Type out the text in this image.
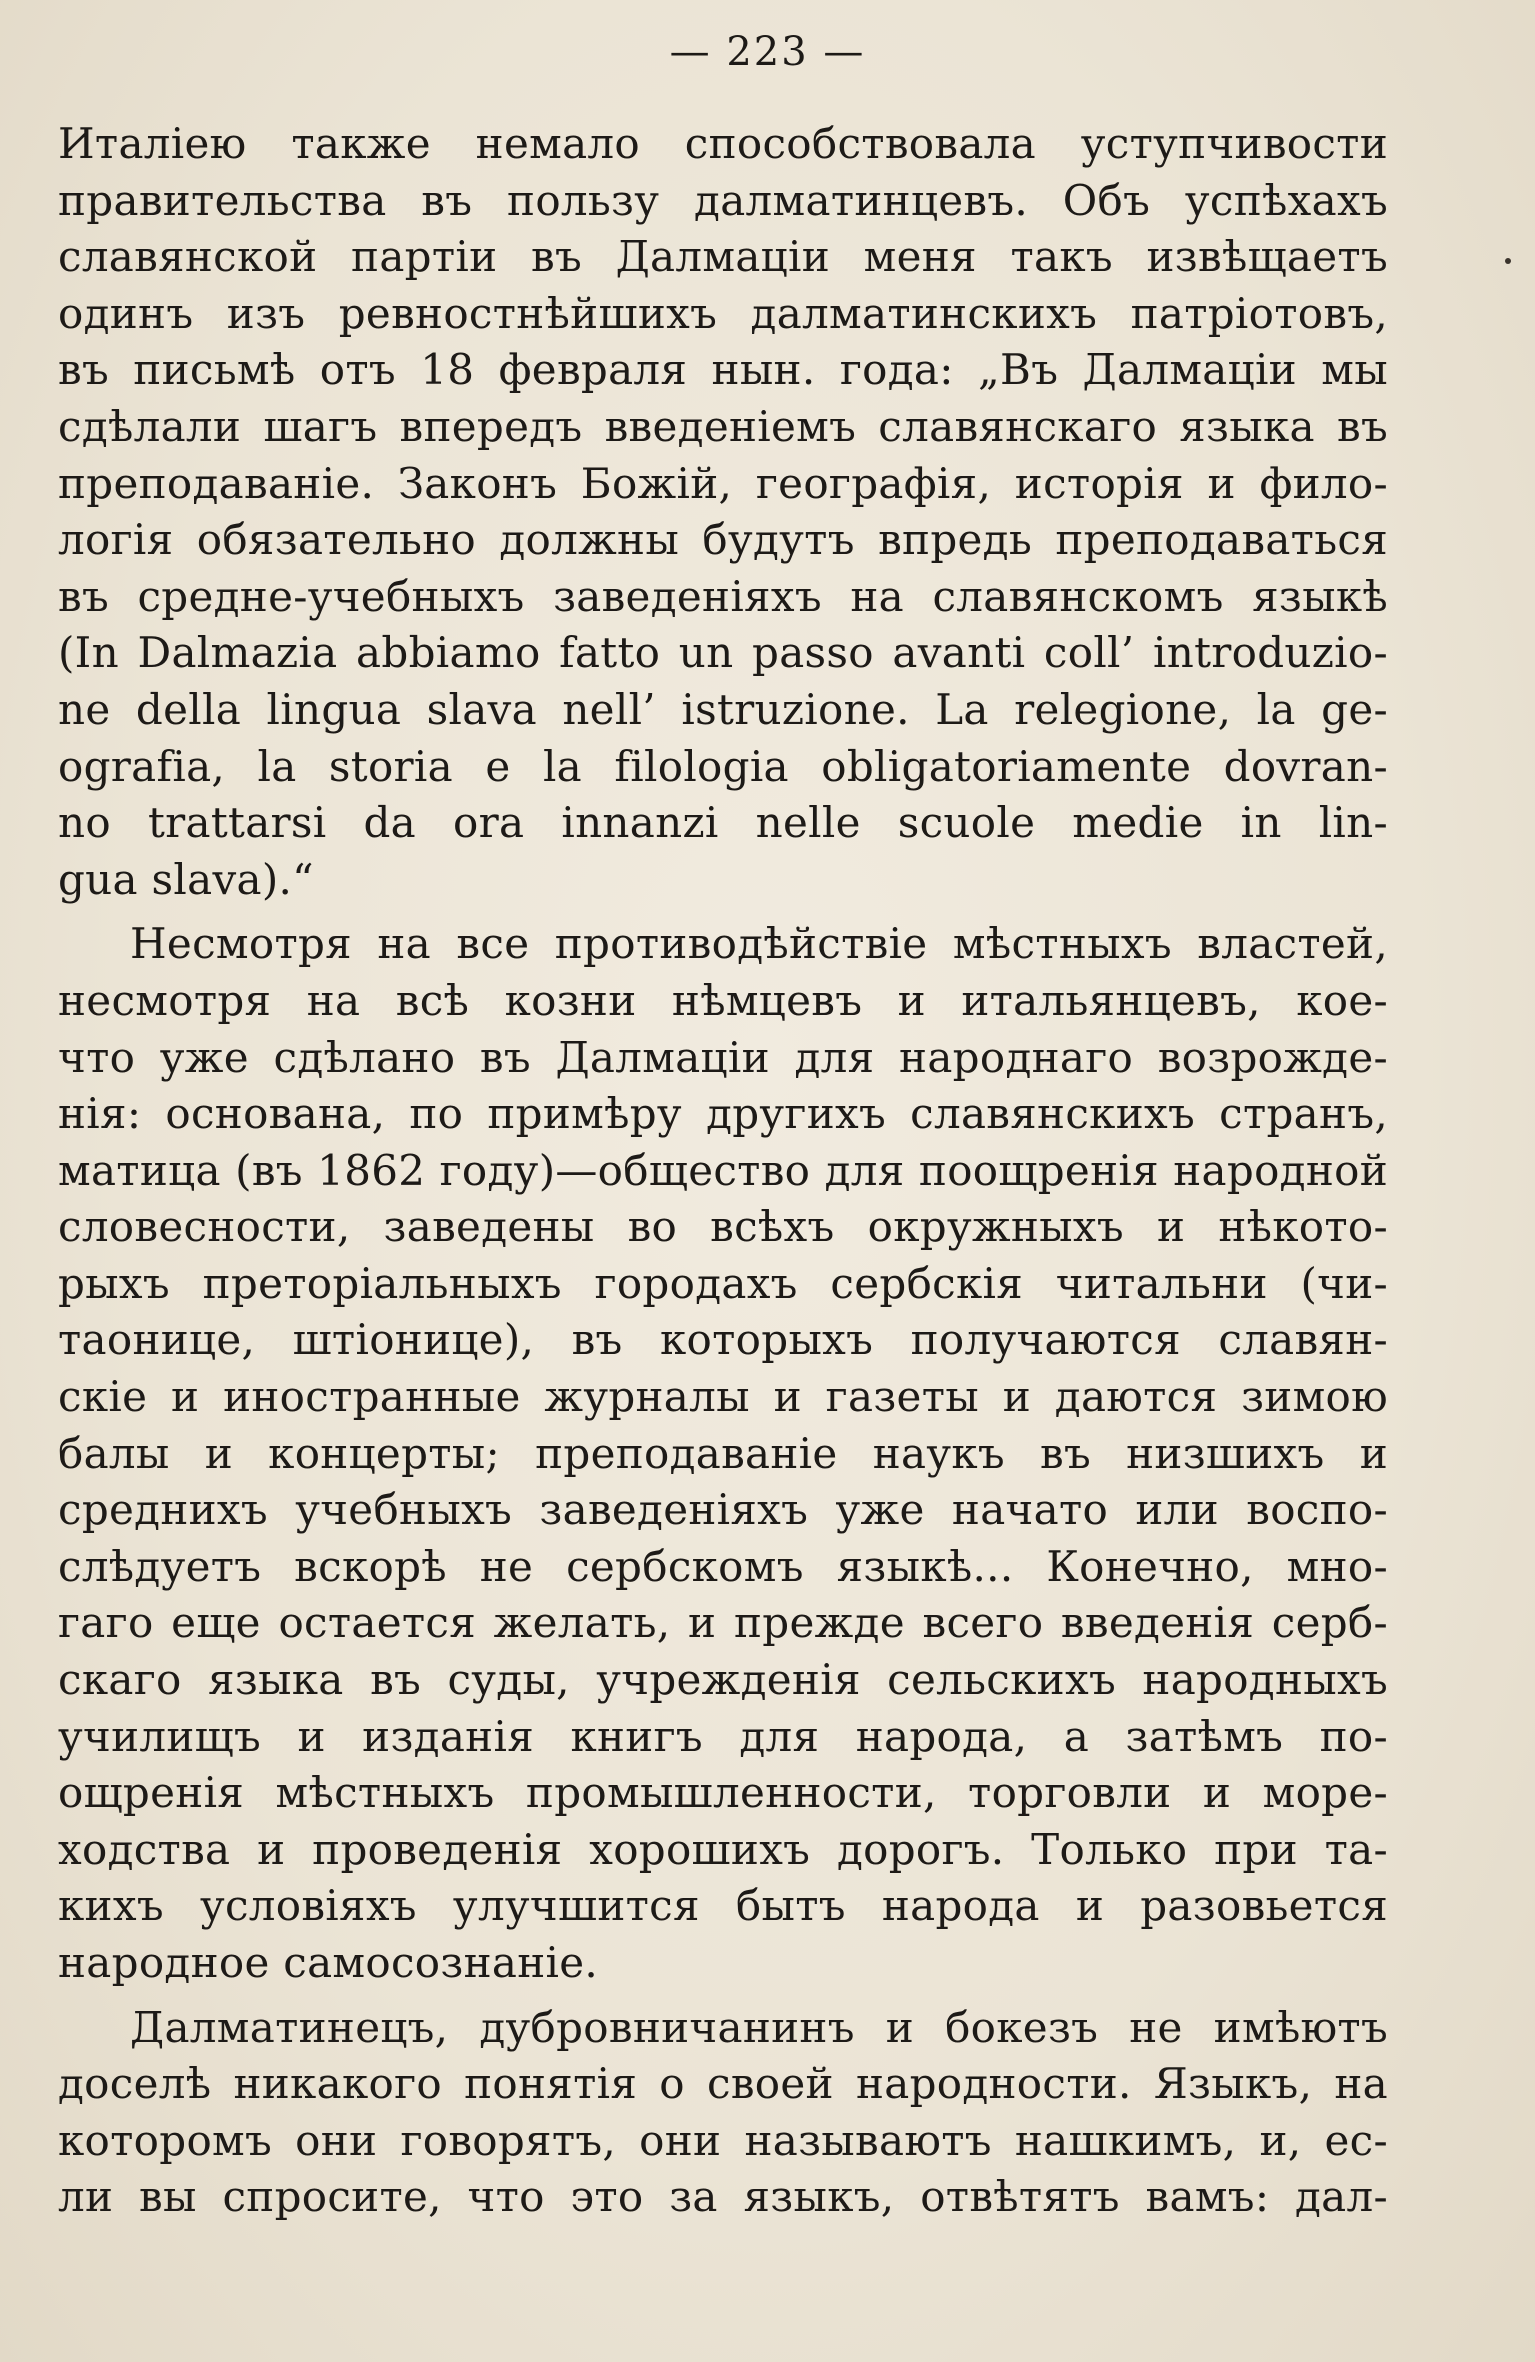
— 223 —
Италiею также немало способствовала уступчивости
правительства въ пользу далматинцевъ. Объ успѣхахъ
славянской партiи въ Далмацiи меня такъ извѣщаетъ
одинъ изъ ревностнѣйшихъ далматинскихъ патрiотовъ,
въ письмѣ отъ 18 февраля нын. года: „Въ Далмацiи мы
сдѣлали шагъ впередъ введенiемъ славянскаго языка въ
преподаванiе. Законъ Божiй, географiя, исторiя и фило-
логiя обязательно должны будутъ впредь преподаваться
въ средне-учебныхъ заведенiяхъ на славянскомъ языкѣ
(In Dalmazia abbiamo fatto un passo avanti coll’ introduzio-
ne della lingua slava nell’ istruzione. La relegione, la ge-
ografia, la storia e la filologia obligatoriamente dovran-
no trattarsi da ora innanzi nelle scuole medie in lin-
gua slava).“
Несмотря на все противодѣйствiе мѣстныхъ властей,
несмотря на всѣ козни нѣмцевъ и итальянцевъ, кое-
что уже сдѣлано въ Далмацiи для народнаго возрожде-
нiя: основана, по примѣру другихъ славянскихъ странъ,
матица (въ 1862 году)—общество для поощренiя народной
словесности, заведены во всѣхъ окружныхъ и нѣкото-
рыхъ преторiальныхъ городахъ сербскiя читальни (чи-
таонице, штiонице), въ которыхъ получаются славян-
скiе и иностранные журналы и газеты и даются зимою
балы и концерты; преподаванiе наукъ въ низшихъ и
среднихъ учебныхъ заведенiяхъ уже начато или воспо-
слѣдуетъ вскорѣ не сербскомъ языкѣ... Конечно, мно-
гаго еще остается желать, и прежде всего введенiя серб-
скаго языка въ суды, учрежденiя сельскихъ народныхъ
училищъ и изданiя книгъ для народа, а затѣмъ по-
ощренiя мѣстныхъ промышленности, торговли и море-
ходства и проведенiя хорошихъ дорогъ. Только при та-
кихъ условiяхъ улучшится бытъ народа и разовьется
народное самосознанiе.
Далматинецъ, дубровничанинъ и бокезъ не имѣютъ
доселѣ никакого понятiя о своей народности. Языкъ, на
которомъ они говорятъ, они называютъ нашкимъ, и, ес-
ли вы спросите, что это за языкъ, отвѣтятъ вамъ: дал-
